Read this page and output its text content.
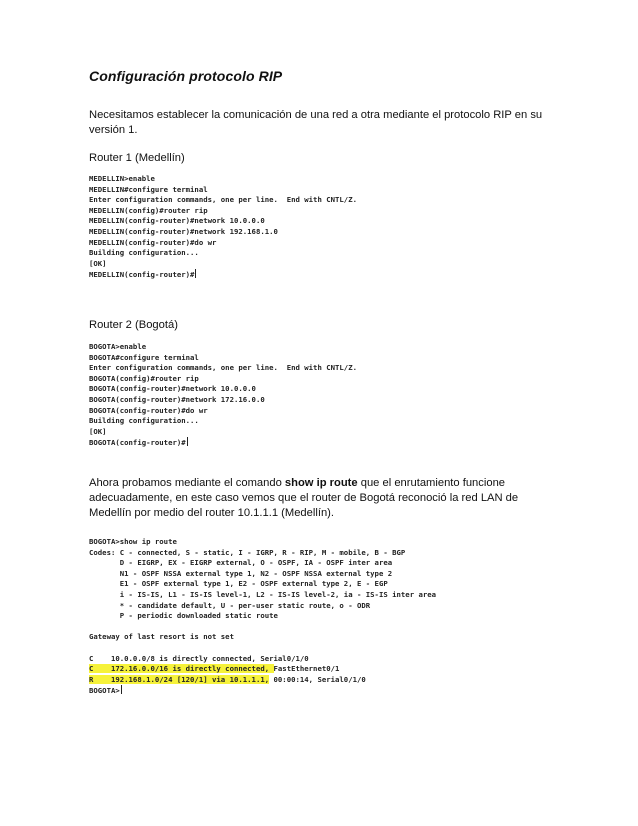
Configuración protocolo RIP
Necesitamos establecer la comunicación de una red a otra mediante el protocolo RIP en su versión 1.
Router 1 (Medellín)
MEDELLIN>enable
MEDELLIN#configure terminal
Enter configuration commands, one per line.  End with CNTL/Z.
MEDELLIN(config)#router rip
MEDELLIN(config-router)#network 10.0.0.0
MEDELLIN(config-router)#network 192.168.1.0
MEDELLIN(config-router)#do wr
Building configuration...
[OK]
MEDELLIN(config-router)#
Router 2 (Bogotá)
BOGOTA>enable
BOGOTA#configure terminal
Enter configuration commands, one per line.  End with CNTL/Z.
BOGOTA(config)#router rip
BOGOTA(config-router)#network 10.0.0.0
BOGOTA(config-router)#network 172.16.0.0
BOGOTA(config-router)#do wr
Building configuration...
[OK]
BOGOTA(config-router)#
Ahora probamos mediante el comando show ip route que el enrutamiento funcione adecuadamente, en este caso vemos que el router de Bogotá reconoció la red LAN de Medellín por medio del router 10.1.1.1 (Medellín).
BOGOTA>show ip route
Codes: C - connected, S - static, I - IGRP, R - RIP, M - mobile, B - BGP
D - EIGRP, EX - EIGRP external, O - OSPF, IA - OSPF inter area
N1 - OSPF NSSA external type 1, N2 - OSPF NSSA external type 2
E1 - OSPF external type 1, E2 - OSPF external type 2, E - EGP
i - IS-IS, L1 - IS-IS level-1, L2 - IS-IS level-2, ia - IS-IS inter area
* - candidate default, U - per-user static route, o - ODR
P - periodic downloaded static route

Gateway of last resort is not set

C    10.0.0.0/8 is directly connected, Serial0/1/0
C    172.16.0.0/16 is directly connected, FastEthernet0/1
R    192.168.1.0/24 [120/1] via 10.1.1.1, 00:00:14, Serial0/1/0
BOGOTA>
